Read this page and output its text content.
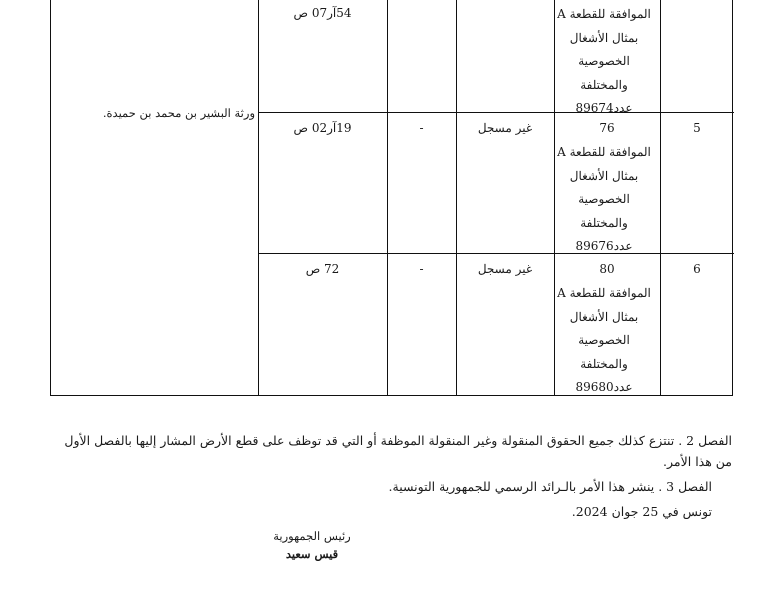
ورثة البشير بن محمد بن حميدة.
54آر07 ص	الموافقة للقطعة A
بمثال الأشغال
الخصوصية
والمختلفة
عدد89674
5
76
غير مسجل
-
19آر02 ص
الموافقة للقطعة A
بمثال الأشغال
الخصوصية
والمختلفة
عدد89676
6
80
غير مسجل
-
72 ص
الموافقة للقطعة A
بمثال الأشغال
الخصوصية
والمختلفة
عدد89680
الفصل 2 . تنتزع كذلك جميع الحقوق المنقولة وغير المنقولة الموظفة أو التي قد توظف على قطع الأرض المشار إليها بالفصل الأول
من هذا الأمر.
الفصل 3 . ينشر هذا الأمر بالـرائد الرسمي للجمهورية التونسية.
تونس في 25 جوان 2024.
رئيس الجمهورية
قيس سعيد
